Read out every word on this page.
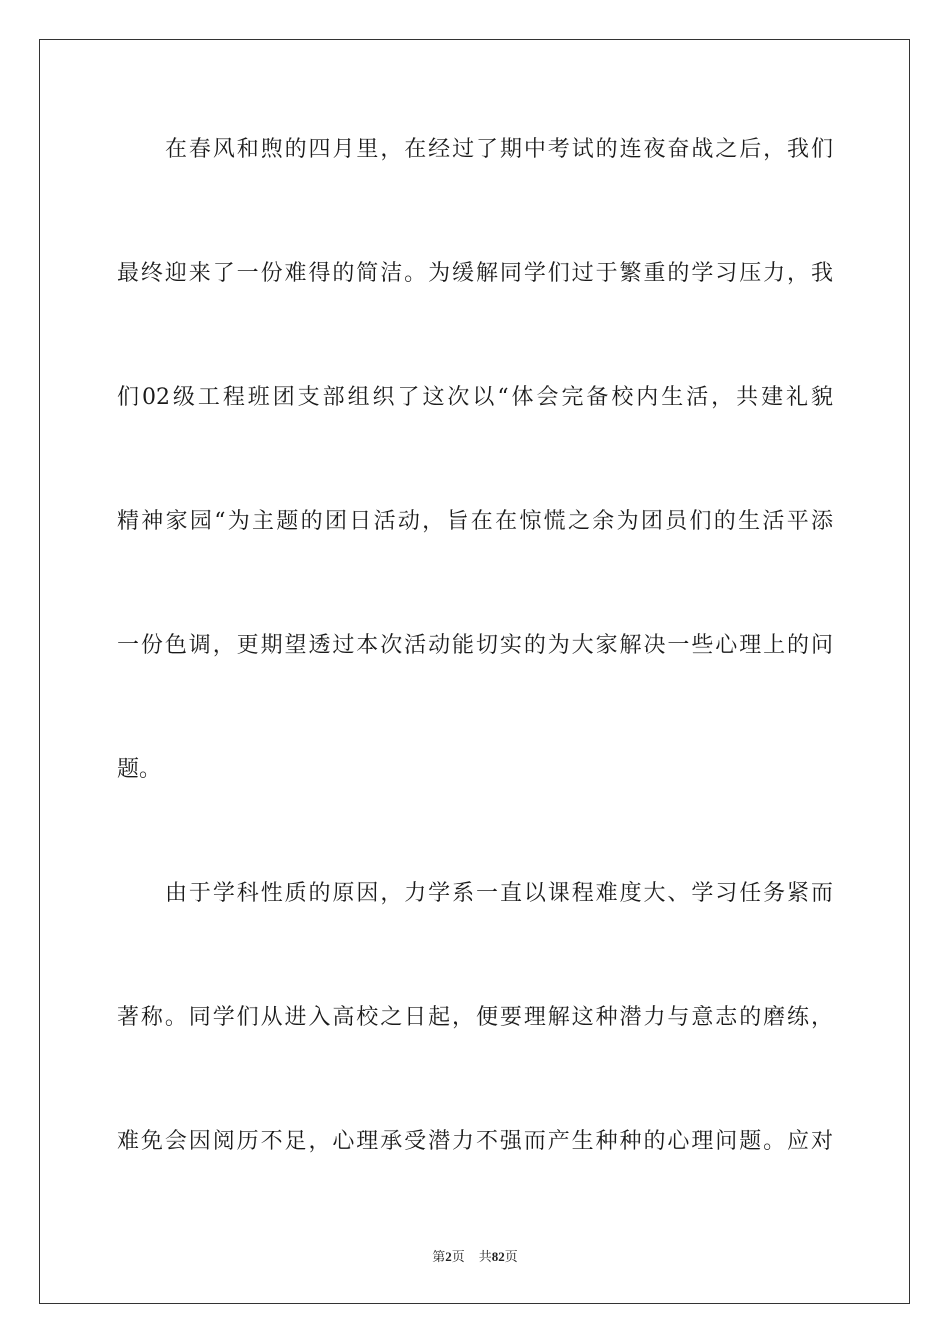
在春风和煦的四月里，在经过了期中考试的连夜奋战之后，我们
最终迎来了一份难得的简洁。为缓解同学们过于繁重的学习压力，我
们02级工程班团支部组织了这次以“体会完备校内生活，共建礼貌
精神家园“为主题的团日活动，旨在在惊慌之余为团员们的生活平添
一份色调，更期望透过本次活动能切实的为大家解决一些心理上的问
题。
由于学科性质的原因，力学系一直以课程难度大、学习任务紧而
著称。同学们从进入高校之日起，便要理解这种潜力与意志的磨练，
难免会因阅历不足，心理承受潜力不强而产生种种的心理问题。应对
第2页 共82页
